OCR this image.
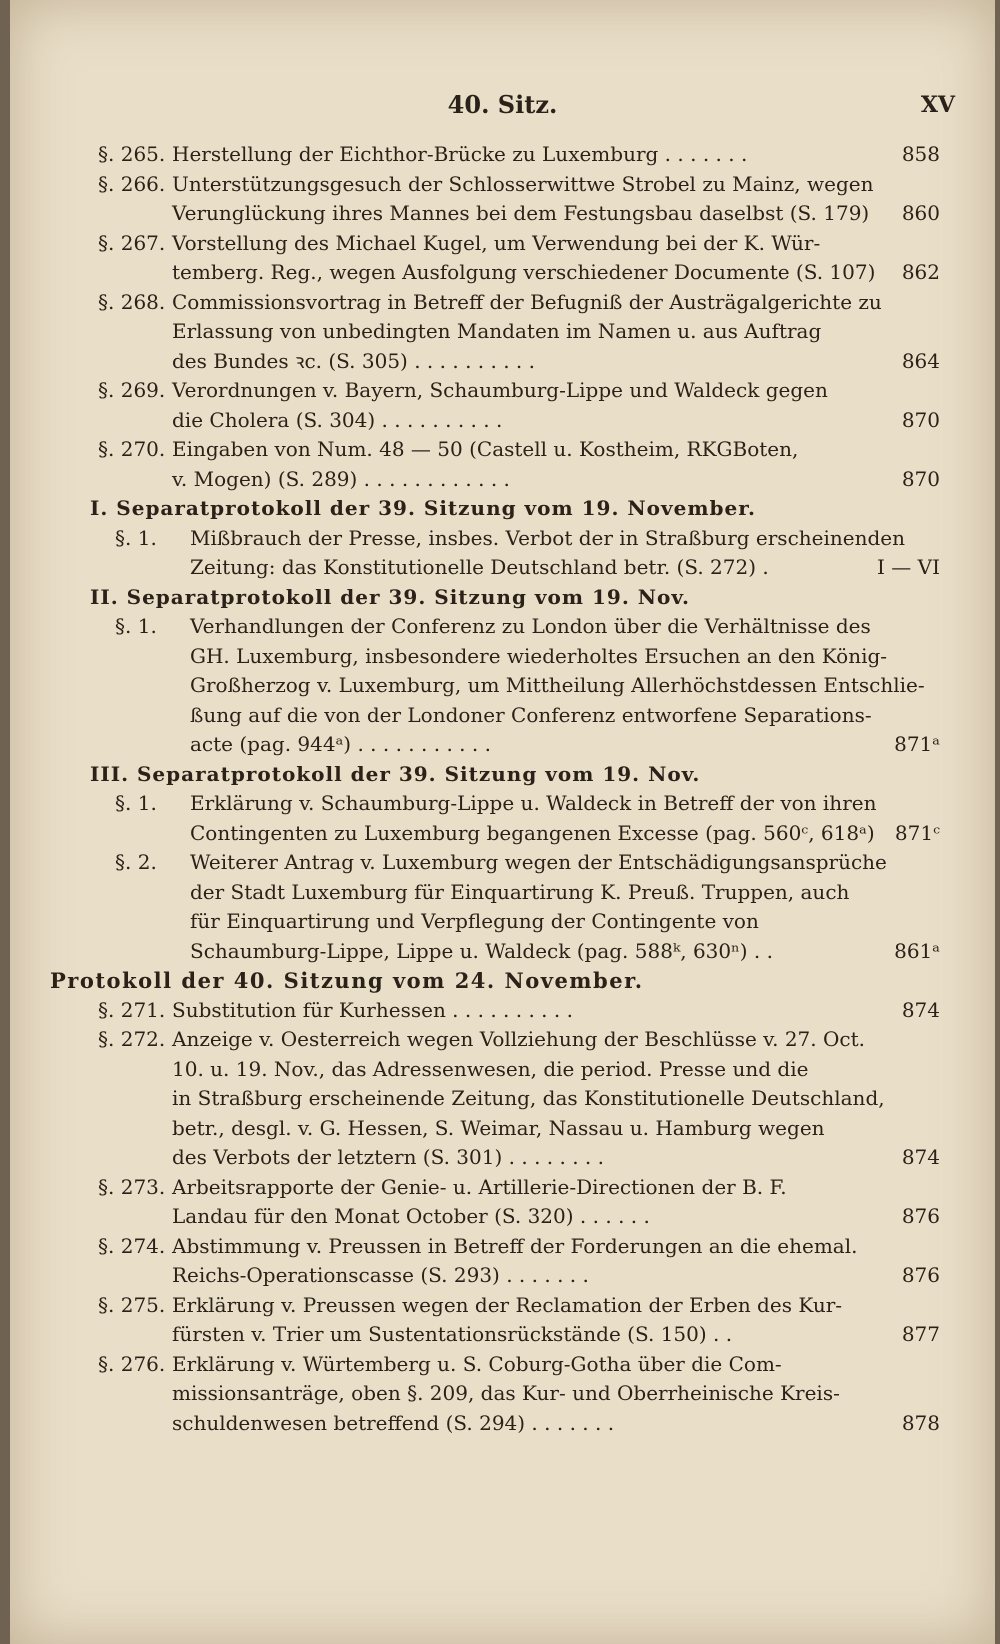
40. Sitz.	XV
§. 265. Herstellung der Eichthor-Brücke zu Luxemburg . . . . . . .	858
§. 266. Unterstützungsgesuch der Schlosserwittwe Strobel zu Mainz, wegen
Verunglückung ihres Mannes bei dem Festungsbau daselbst (S. 179)	860
§. 267. Vorstellung des Michael Kugel, um Verwendung bei der K. Wür-
temberg. Reg., wegen Ausfolgung verschiedener Documente (S. 107)	862
§. 268. Commissionsvortrag in Betreff der Befugniß der Austrägalgerichte zu
Erlassung von unbedingten Mandaten im Namen u. aus Auftrag
des Bundes ꝛc. (S. 305) . . . . . . . . . .	864
§. 269. Verordnungen v. Bayern, Schaumburg-Lippe und Waldeck gegen
die Cholera (S. 304) . . . . . . . . . .	870
§. 270. Eingaben von Num. 48 — 50 (Castell u. Kostheim, RKGBoten,
v. Mogen) (S. 289) . . . . . . . . . . . .	870
I. Separatprotokoll der 39. Sitzung vom 19. November.
§. 1. Mißbrauch der Presse, insbes. Verbot der in Straßburg erscheinenden
Zeitung: das Konstitutionelle Deutschland betr. (S. 272) .	I — VI
II. Separatprotokoll der 39. Sitzung vom 19. Nov.
§. 1. Verhandlungen der Conferenz zu London über die Verhältnisse des
GH. Luxemburg, insbesondere wiederholtes Ersuchen an den König-
Großherzog v. Luxemburg, um Mittheilung Allerhöchstdessen Entschlie-
ßung auf die von der Londoner Conferenz entworfene Separations-
acte (pag. 944ᵃ) . . . . . . . . . . .	871ᵃ
III. Separatprotokoll der 39. Sitzung vom 19. Nov.
§. 1. Erklärung v. Schaumburg-Lippe u. Waldeck in Betreff der von ihren
Contingenten zu Luxemburg begangenen Excesse (pag. 560ᶜ, 618ᵃ)	871ᶜ
§. 2. Weiterer Antrag v. Luxemburg wegen der Entschädigungsansprüche
der Stadt Luxemburg für Einquartirung K. Preuß. Truppen, auch
für Einquartirung und Verpflegung der Contingente von
Schaumburg-Lippe, Lippe u. Waldeck (pag. 588ᵏ, 630ⁿ) . .	861ᵃ
Protokoll der 40. Sitzung vom 24. November.
§. 271. Substitution für Kurhessen . . . . . . . . . .	874
§. 272. Anzeige v. Oesterreich wegen Vollziehung der Beschlüsse v. 27. Oct.
10. u. 19. Nov., das Adressenwesen, die period. Presse und die
in Straßburg erscheinende Zeitung, das Konstitutionelle Deutschland,
betr., desgl. v. G. Hessen, S. Weimar, Nassau u. Hamburg wegen
des Verbots der letztern (S. 301) . . . . . . . .	874
§. 273. Arbeitsrapporte der Genie- u. Artillerie-Directionen der B. F.
Landau für den Monat October (S. 320) . . . . . .	876
§. 274. Abstimmung v. Preussen in Betreff der Forderungen an die ehemal.
Reichs-Operationscasse (S. 293) . . . . . . .	876
§. 275. Erklärung v. Preussen wegen der Reclamation der Erben des Kur-
fürsten v. Trier um Sustentationsrückstände (S. 150) . .	877
§. 276. Erklärung v. Würtemberg u. S. Coburg-Gotha über die Com-
missionsanträge, oben §. 209, das Kur- und Oberrheinische Kreis-
schuldenwesen betreffend (S. 294) . . . . . . .	878
